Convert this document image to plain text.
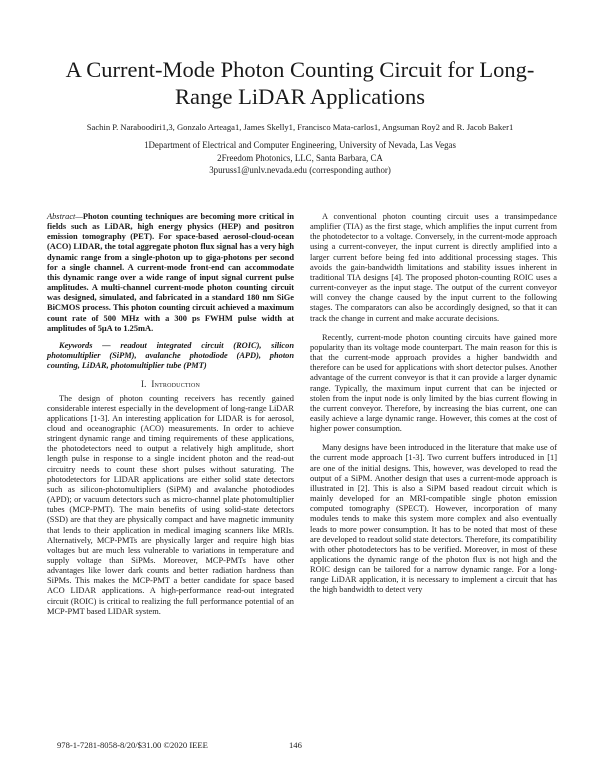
A Current-Mode Photon Counting Circuit for Long-Range LiDAR Applications
Sachin P. Naraboodiri1,3, Gonzalo Arteaga1, James Skelly1, Francisco Mata-carlos1, Angsuman Roy2 and R. Jacob Baker1
1Department of Electrical and Computer Engineering, University of Nevada, Las Vegas
2Freedom Photonics, LLC, Santa Barbara, CA
3puruss1@unlv.nevada.edu (corresponding author)

Abstract—Photon counting techniques are becoming more critical in fields such as LiDAR, high energy physics (HEP) and positron emission tomography (PET). For space-based aerosol-cloud-ocean (ACO) LIDAR, the total aggregate photon flux signal has a very high dynamic range from a single-photon up to giga-photons per second for a single channel. A current-mode front-end can accommodate this dynamic range over a wide range of input signal current pulse amplitudes. A multi-channel current-mode photon counting circuit was designed, simulated, and fabricated in a standard 180 nm SiGe BiCMOS process. This photon counting circuit achieved a maximum count rate of 500 MHz with a 300 ps FWHM pulse width at amplitudes of 5μA to 1.25mA.

Keywords — readout integrated circuit (ROIC), silicon photomultiplier (SiPM), avalanche photodiode (APD), photon counting, LiDAR, photomultiplier tube (PMT)

I. Introduction

The design of photon counting receivers has recently gained considerable interest especially in the development of long-range LiDAR applications [1-3]. An interesting application for LIDAR is for aerosol, cloud and oceanographic (ACO) measurements. In order to achieve stringent dynamic range and timing requirements of these applications, the photodetectors need to output a relatively high amplitude, short length pulse in response to a single incident photon and the read-out circuitry needs to count these short pulses without saturating. The photodetectors for LIDAR applications are either solid state detectors such as silicon-photomultipliers (SiPM) and avalanche photodiodes (APD); or vacuum detectors such as micro-channel plate photomultiplier tubes (MCP-PMT). The main benefits of using solid-state detectors (SSD) are that they are physically compact and have magnetic immunity that lends to their application in medical imaging scanners like MRIs. Alternatively, MCP-PMTs are physically larger and require high bias voltages but are much less vulnerable to variations in temperature and supply voltage than SiPMs. Moreover, MCP-PMTs have other advantages like lower dark counts and better radiation hardness than SiPMs. This makes the MCP-PMT a better candidate for space based ACO LIDAR applications. A high-performance read-out integrated circuit (ROIC) is critical to realizing the full performance potential of an MCP-PMT based LIDAR system.

A conventional photon counting circuit uses a transimpedance amplifier (TIA) as the first stage, which amplifies the input current from the photodetector to a voltage. Conversely, in the current-mode approach using a current-conveyer, the input current is directly amplified into a larger current before being fed into additional processing stages. This avoids the gain-bandwidth limitations and stability issues inherent in traditional TIA designs [4]. The proposed photon-counting ROIC uses a current-conveyer as the input stage. The output of the current conveyor will convey the change caused by the input current to the following stages. The comparators can also be accordingly designed, so that it can track the change in current and make accurate decisions.

Recently, current-mode photon counting circuits have gained more popularity than its voltage mode counterpart. The main reason for this is that the current-mode approach provides a higher bandwidth and therefore can be used for applications with short detector pulses. Another advantage of the current conveyor is that it can provide a larger dynamic range. Typically, the maximum input current that can be injected or stolen from the input node is only limited by the bias current flowing in the current conveyor. Therefore, by increasing the bias current, one can easily achieve a large dynamic range. However, this comes at the cost of higher power consumption.

Many designs have been introduced in the literature that make use of the current mode approach [1-3]. Two current buffers introduced in [1] are one of the initial designs. This, however, was developed to read the output of a SiPM. Another design that uses a current-mode approach is illustrated in [2]. This is also a SiPM based readout circuit which is mainly developed for an MRI-compatible single photon emission computed tomography (SPECT). However, incorporation of many modules tends to make this system more complex and also eventually leads to more power consumption. It has to be noted that most of these are developed to readout solid state detectors. Therefore, its compatibility with other photodetectors has to be verified. Moreover, in most of these applications the dynamic range of the photon flux is not high and the ROIC design can be tailored for a narrow dynamic range. For a long-range LiDAR application, it is necessary to implement a circuit that has the high bandwidth to detect very

978-1-7281-8058-8/20/$31.00 ©2020 IEEE	146
